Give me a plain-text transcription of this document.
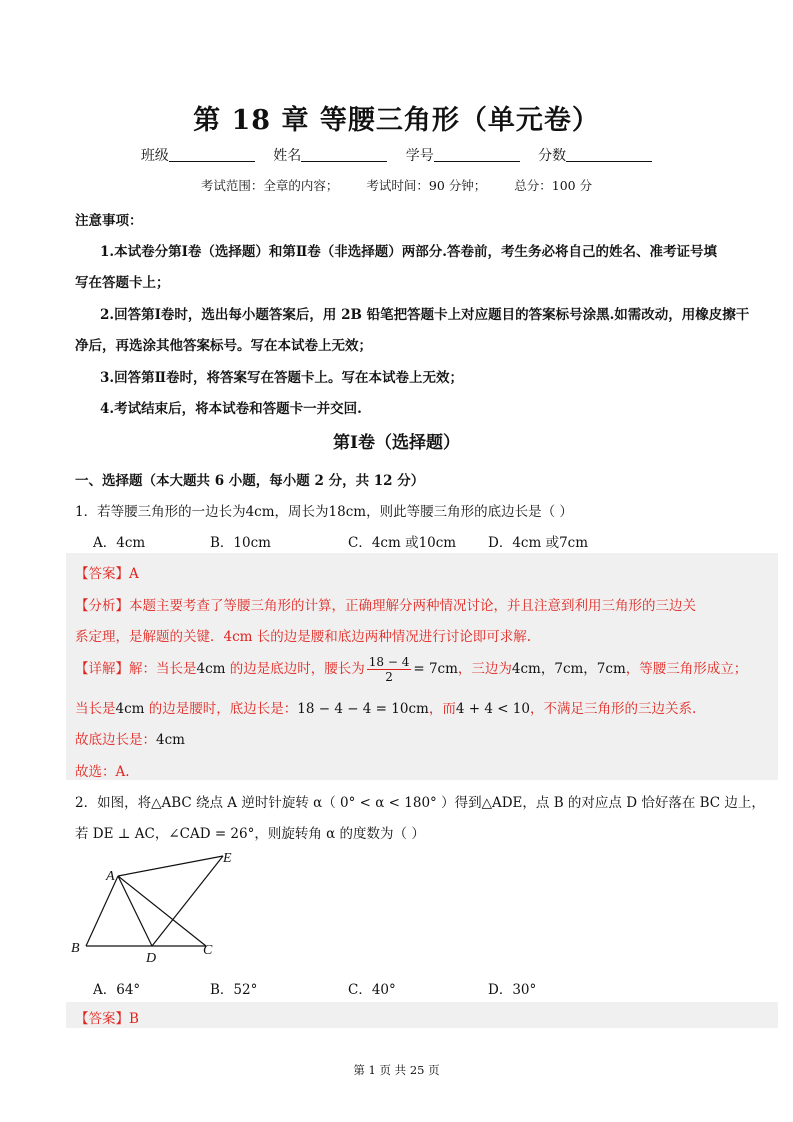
第 18 章 等腰三角形（单元卷）
班级	姓名	学号	分数
考试范围：全章的内容； 考试时间：90 分钟； 总分：100 分
注意事项：
1.本试卷分第Ⅰ卷（选择题）和第Ⅱ卷（非选择题）两部分.答卷前，考生务必将自己的姓名、准考证号填
写在答题卡上；
2.回答第Ⅰ卷时，选出每小题答案后，用 2B 铅笔把答题卡上对应题目的答案标号涂黑.如需改动，用橡皮擦干
净后，再选涂其他答案标号。写在本试卷上无效；
3.回答第Ⅱ卷时，将答案写在答题卡上。写在本试卷上无效；
4.考试结束后，将本试卷和答题卡一并交回.
第Ⅰ卷（选择题）
一、选择题（本大题共 6 小题，每小题 2 分，共 12 分）
1．若等腰三角形的一边长为4cm，周长为18cm，则此等腰三角形的底边长是（ ）
A．4cm	B．10cm	C．4cm 或10cm D．4cm 或7cm
【答案】A
【分析】本题主要考查了等腰三角形的计算，正确理解分两种情况讨论，并且注意到利用三角形的三边关
系定理，是解题的关键．4cm 长的边是腰和底边两种情况进行讨论即可求解.
【详解】解：当长是4cm 的边是底边时，腰长为 $\frac{18 - 4}{2} = 7cm$，三边为4cm，7cm，7cm，等腰三角形成立；
当长是4cm 的边是腰时，底边长是：18 − 4 − 4 = 10cm，而4 + 4 < 10，不满足三角形的三边关系.
故底边长是：4cm
故选：A.
2．如图，将△ABC 绕点 A 逆时针旋转 α（ 0° < α < 180° ）得到△ADE，点 B 的对应点 D 恰好落在 BC 边上，
若 DE ⊥ AC，∠CAD = 26°，则旋转角 α 的度数为（ ）
A
B
D
C
E
A．64°	B．52°	C．40°	D．30°
【答案】B
第 1 页 共 25 页
